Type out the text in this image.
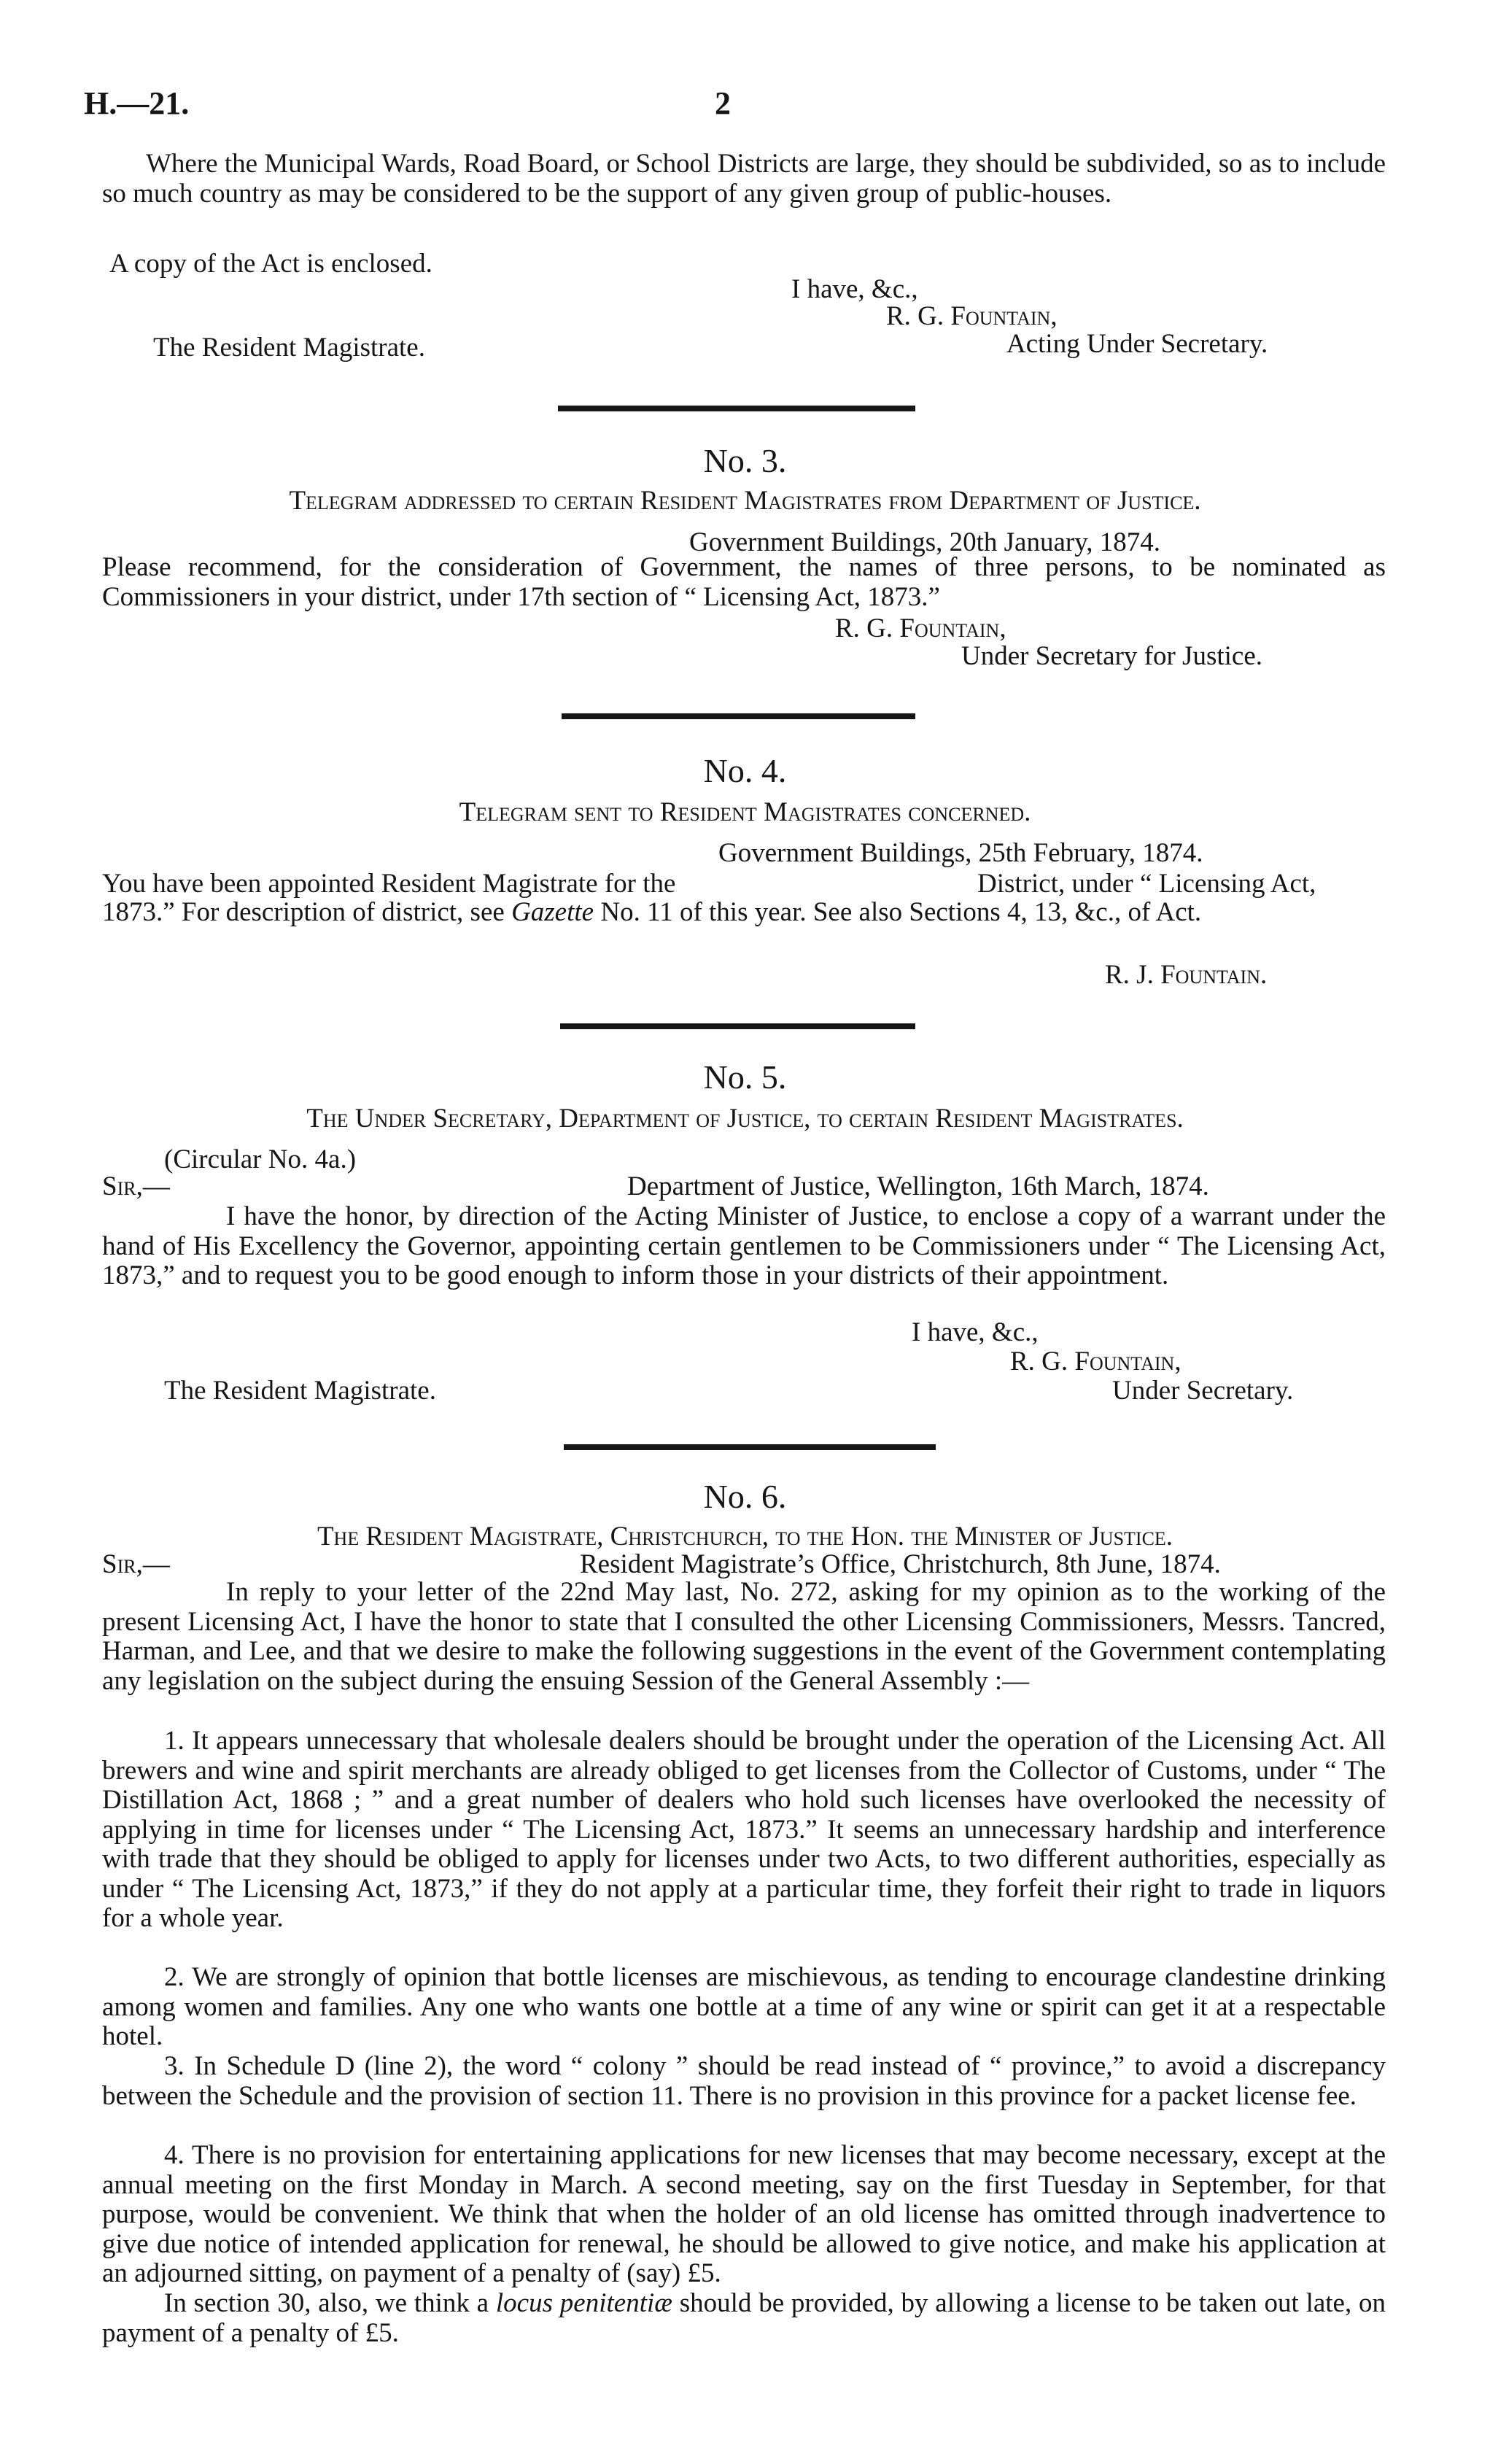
H.—21.	2

Where the Municipal Wards, Road Board, or School Districts are large, they should be subdivided, so as to include so much country as may be considered to be the support of any given group of public-houses.

A copy of the Act is enclosed.
I have, &c.,
R. G. Fountain,
The Resident Magistrate.	Acting Under Secretary.
No. 3.
Telegram addressed to certain Resident Magistrates from Department of Justice.
Government Buildings, 20th January, 1874.

Please recommend, for the consideration of Government, the names of three persons, to be nominated as Commissioners in your district, under 17th section of “ Licensing Act, 1873.”

R. G. Fountain,
Under Secretary for Justice.
No. 4.
Telegram sent to Resident Magistrates concerned.
Government Buildings, 25th February, 1874.
You have been appointed Resident Magistrate for the	District, under “ Licensing Act,

1873.” For description of district, see Gazette No. 11 of this year. See also Sections 4, 13, &c., of Act.

R. J. Fountain.
No. 5.
The Under Secretary, Department of Justice, to certain Resident Magistrates.
(Circular No. 4a.)
Sir,—	Department of Justice, Wellington, 16th March, 1874.

I have the honor, by direction of the Acting Minister of Justice, to enclose a copy of a warrant under the hand of His Excellency the Governor, appointing certain gentlemen to be Commissioners under “ The Licensing Act, 1873,” and to request you to be good enough to inform those in your districts of their appointment.

I have, &c.,
R. G. Fountain,
The Resident Magistrate.	Under Secretary.
No. 6.
The Resident Magistrate, Christchurch, to the Hon. the Minister of Justice.
Sir,—	Resident Magistrate’s Office, Christchurch, 8th June, 1874.

In reply to your letter of the 22nd May last, No. 272, asking for my opinion as to the working of the present Licensing Act, I have the honor to state that I consulted the other Licensing Commissioners, Messrs. Tancred, Harman, and Lee, and that we desire to make the following suggestions in the event of the Government contemplating any legislation on the subject during the ensuing Session of the General Assembly :—

1. It appears unnecessary that wholesale dealers should be brought under the operation of the Licensing Act. All brewers and wine and spirit merchants are already obliged to get licenses from the Collector of Customs, under “ The Distillation Act, 1868 ; ” and a great number of dealers who hold such licenses have overlooked the necessity of applying in time for licenses under “ The Licensing Act, 1873.” It seems an unnecessary hardship and interference with trade that they should be obliged to apply for licenses under two Acts, to two different authorities, especially as under “ The Licensing Act, 1873,” if they do not apply at a particular time, they forfeit their right to trade in liquors for a whole year.

2. We are strongly of opinion that bottle licenses are mischievous, as tending to encourage clandestine drinking among women and families. Any one who wants one bottle at a time of any wine or spirit can get it at a respectable hotel.

3. In Schedule D (line 2), the word “ colony ” should be read instead of “ province,” to avoid a discrepancy between the Schedule and the provision of section 11. There is no provision in this province for a packet license fee.

4. There is no provision for entertaining applications for new licenses that may become necessary, except at the annual meeting on the first Monday in March. A second meeting, say on the first Tuesday in September, for that purpose, would be convenient. We think that when the holder of an old license has omitted through inadvertence to give due notice of intended application for renewal, he should be allowed to give notice, and make his application at an adjourned sitting, on payment of a penalty of (say) £5.

In section 30, also, we think a locus penitentiæ should be provided, by allowing a license to be taken out late, on payment of a penalty of £5.
